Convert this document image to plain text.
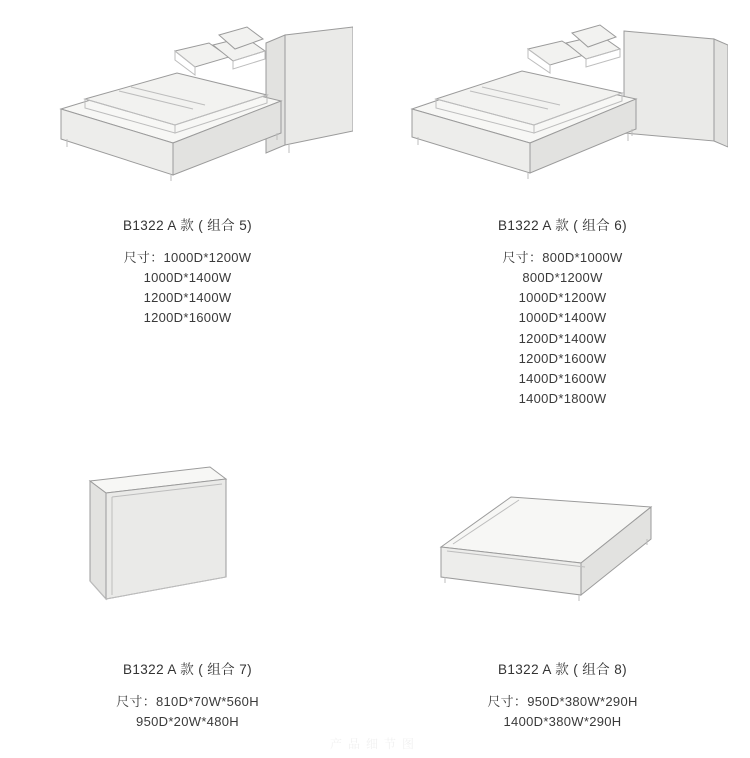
B1322 A 款 ( 组合 5)
尺寸：1000D*1200W
1000D*1400W
1200D*1400W
1200D*1600W
B1322 A 款 ( 组合 6)
尺寸：800D*1000W
800D*1200W
1000D*1200W
1000D*1400W
1200D*1400W
1200D*1600W
1400D*1600W
1400D*1800W
B1322 A 款 ( 组合 7)
尺寸：810D*70W*560H
950D*20W*480H
B1322 A 款 ( 组合 8)
尺寸：950D*380W*290H
1400D*380W*290H
产品细节图
